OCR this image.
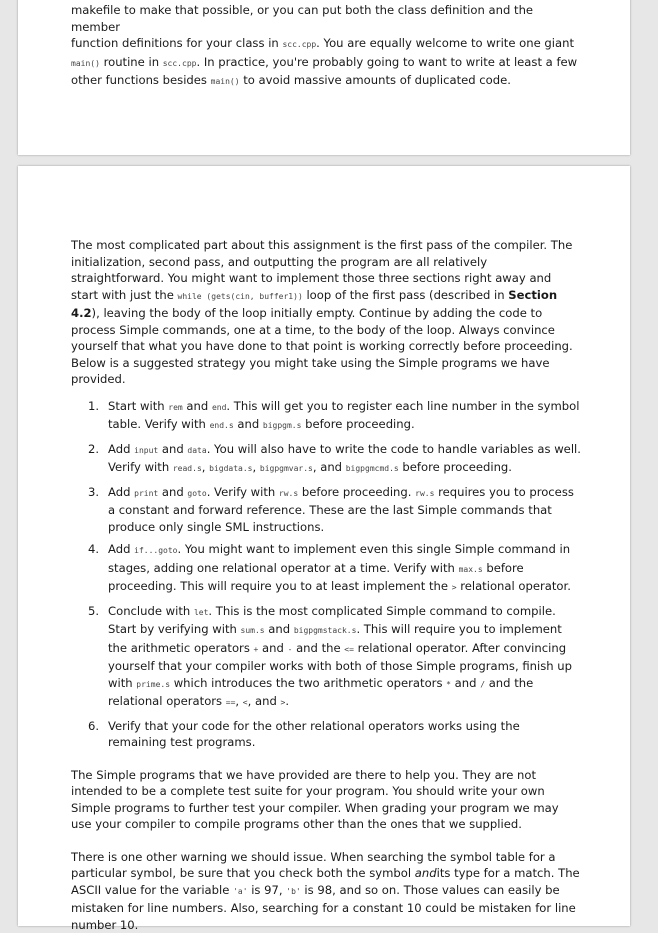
makefile to make that possible, or you can put both the class definition and the member
function definitions for your class in scc.cpp. You are equally welcome to write one giant
main() routine in scc.cpp. In practice, you're probably going to want to write at least a few
other functions besides main() to avoid massive amounts of duplicated code.

The most complicated part about this assignment is the first pass of the compiler. The initialization, second pass, and outputting the program are all relatively straightforward. You might want to implement those three sections right away and start with just the while (gets(cin, buffer1)) loop of the first pass (described in Section 4.2), leaving the body of the loop initially empty. Continue by adding the code to process Simple commands, one at a time, to the body of the loop. Always convince yourself that what you have done to that point is working correctly before proceeding. Below is a suggested strategy you might take using the Simple programs we have provided.

1. Start with rem and end. This will get you to register each line number in the symbol table. Verify with end.s and bigpgm.s before proceeding.
2. Add input and data. You will also have to write the code to handle variables as well. Verify with read.s, bigdata.s, bigpgmvar.s, and bigpgmcmd.s before proceeding.
3. Add print and goto. Verify with rw.s before proceeding. rw.s requires you to process a constant and forward reference. These are the last Simple commands that produce only single SML instructions.
4. Add if...goto. You might want to implement even this single Simple command in stages, adding one relational operator at a time. Verify with max.s before proceeding. This will require you to at least implement the > relational operator.
5. Conclude with let. This is the most complicated Simple command to compile. Start by verifying with sum.s and bigpgmstack.s. This will require you to implement the arithmetic operators + and - and the <= relational operator. After convincing yourself that your compiler works with both of those Simple programs, finish up with prime.s which introduces the two arithmetic operators * and / and the relational operators ==, <, and >.
6. Verify that your code for the other relational operators works using the remaining test programs.

The Simple programs that we have provided are there to help you. They are not intended to be a complete test suite for your program. You should write your own Simple programs to further test your compiler. When grading your program we may use your compiler to compile programs other than the ones that we supplied.

There is one other warning we should issue. When searching the symbol table for a particular symbol, be sure that you check both the symbol andits type for a match. The ASCII value for the variable 'a' is 97, 'b' is 98, and so on. Those values can easily be mistaken for line numbers. Also, searching for a constant 10 could be mistaken for line number 10.
